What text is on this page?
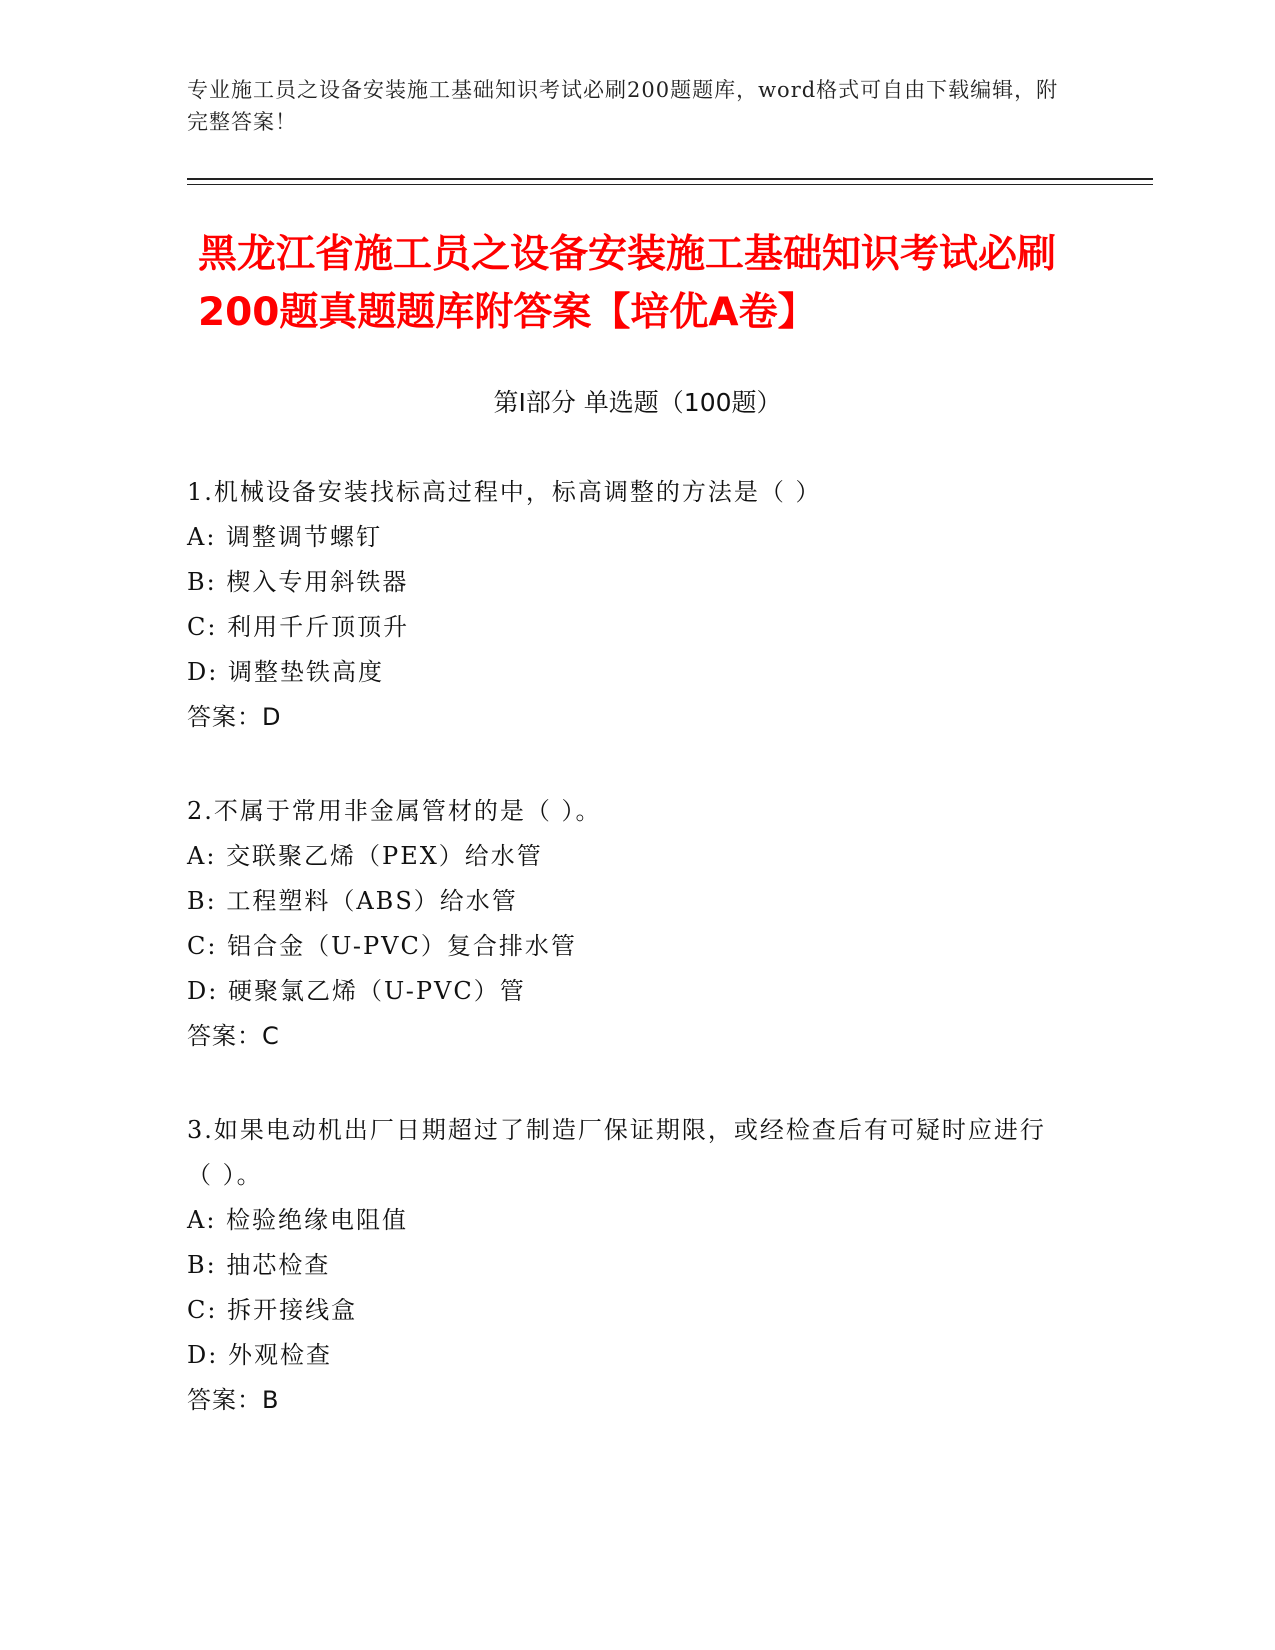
专业施工员之设备安装施工基础知识考试必刷200题题库，word格式可自由下载编辑，附完整答案！
黑龙江省施工员之设备安装施工基础知识考试必刷200题真题题库附答案【培优A卷】
第Ⅰ部分 单选题（100题）
1.机械设备安装找标高过程中，标高调整的方法是（ ）
A: 调整调节螺钉
B: 楔入专用斜铁器
C: 利用千斤顶顶升
D: 调整垫铁高度
答案：D
2.不属于常用非金属管材的是（ ）。
A: 交联聚乙烯（PEX）给水管
B: 工程塑料（ABS）给水管
C: 铝合金（U-PVC）复合排水管
D: 硬聚氯乙烯（U-PVC）管
答案：C
3.如果电动机出厂日期超过了制造厂保证期限，或经检查后有可疑时应进行（ ）。
A: 检验绝缘电阻值
B: 抽芯检查
C: 拆开接线盒
D: 外观检查
答案：B
